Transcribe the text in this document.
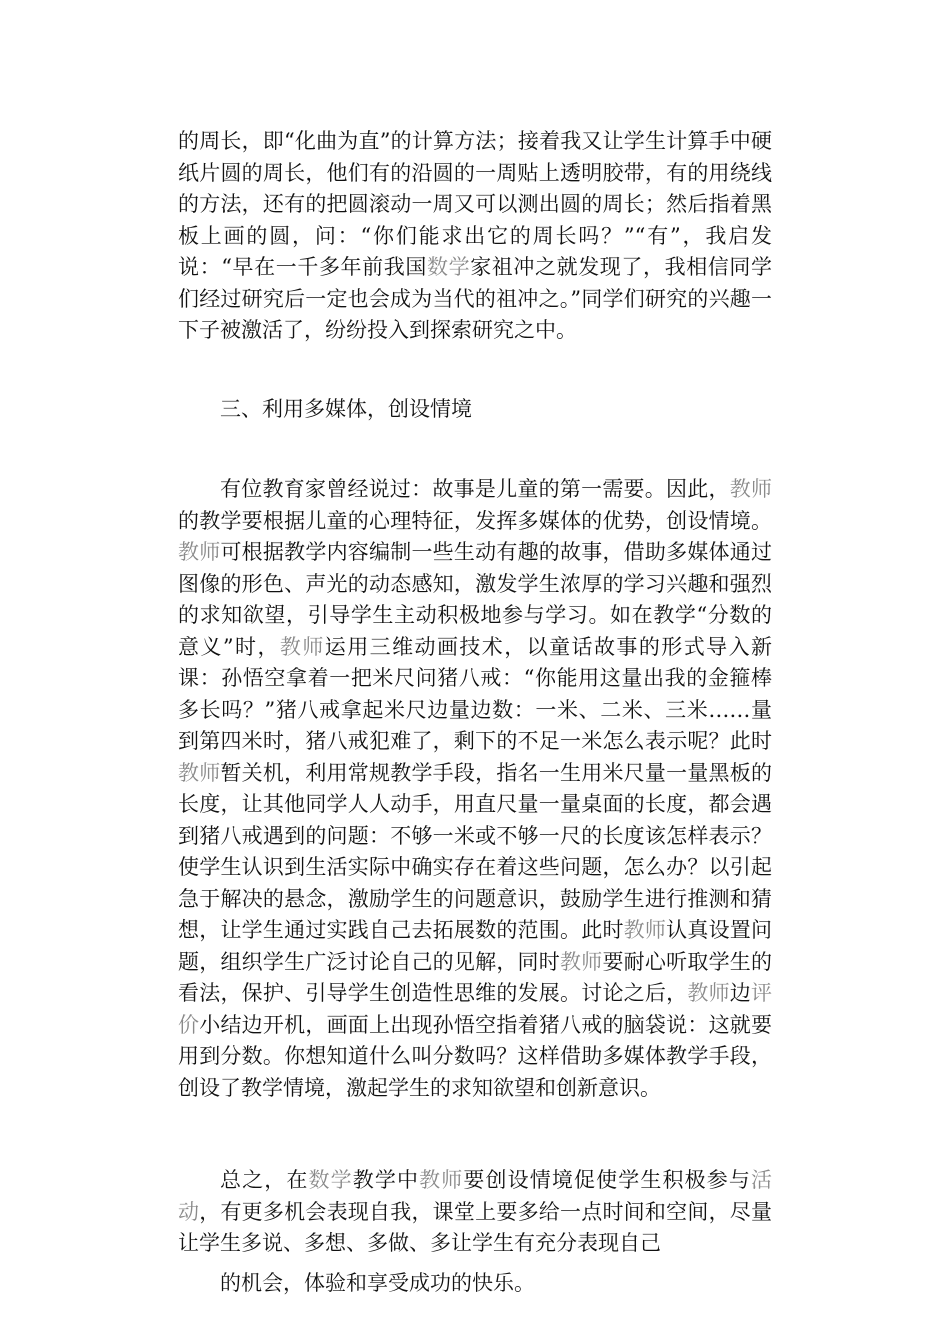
的周长，即“化曲为直”的计算方法；接着我又让学生计算手中硬纸片圆的周长，他们有的沿圆的一周贴上透明胶带，有的用绕线的方法，还有的把圆滚动一周又可以测出圆的周长；然后指着黑板上画的圆，问：“你们能求出它的周长吗？”“有”，我启发说：“早在一千多年前我国数学家祖冲之就发现了，我相信同学们经过研究后一定也会成为当代的祖冲之。”同学们研究的兴趣一下子被激活了，纷纷投入到探索研究之中。

三、利用多媒体，创设情境

有位教育家曾经说过：故事是儿童的第一需要。因此，教师的教学要根据儿童的心理特征，发挥多媒体的优势，创设情境。教师可根据教学内容编制一些生动有趣的故事，借助多媒体通过图像的形色、声光的动态感知，激发学生浓厚的学习兴趣和强烈的求知欲望，引导学生主动积极地参与学习。如在教学“分数的意义”时，教师运用三维动画技术，以童话故事的形式导入新课：孙悟空拿着一把米尺问猪八戒：“你能用这量出我的金箍棒多长吗？”猪八戒拿起米尺边量边数：一米、二米、三米……量到第四米时，猪八戒犯难了，剩下的不足一米怎么表示呢？此时教师暂关机，利用常规教学手段，指名一生用米尺量一量黑板的长度，让其他同学人人动手，用直尺量一量桌面的长度，都会遇到猪八戒遇到的问题：不够一米或不够一尺的长度该怎样表示？使学生认识到生活实际中确实存在着这些问题，怎么办？以引起急于解决的悬念，激励学生的问题意识，鼓励学生进行推测和猜想，让学生通过实践自己去拓展数的范围。此时教师认真设置问题，组织学生广泛讨论自己的见解，同时教师要耐心听取学生的看法，保护、引导学生创造性思维的发展。讨论之后，教师边评价小结边开机，画面上出现孙悟空指着猪八戒的脑袋说：这就要用到分数。你想知道什么叫分数吗？这样借助多媒体教学手段，创设了教学情境，激起学生的求知欲望和创新意识。

总之，在数学教学中教师要创设情境促使学生积极参与活动，有更多机会表现自我，课堂上要多给一点时间和空间，尽量让学生多说、多想、多做、多让学生有充分表现自己
的机会，体验和享受成功的快乐。
